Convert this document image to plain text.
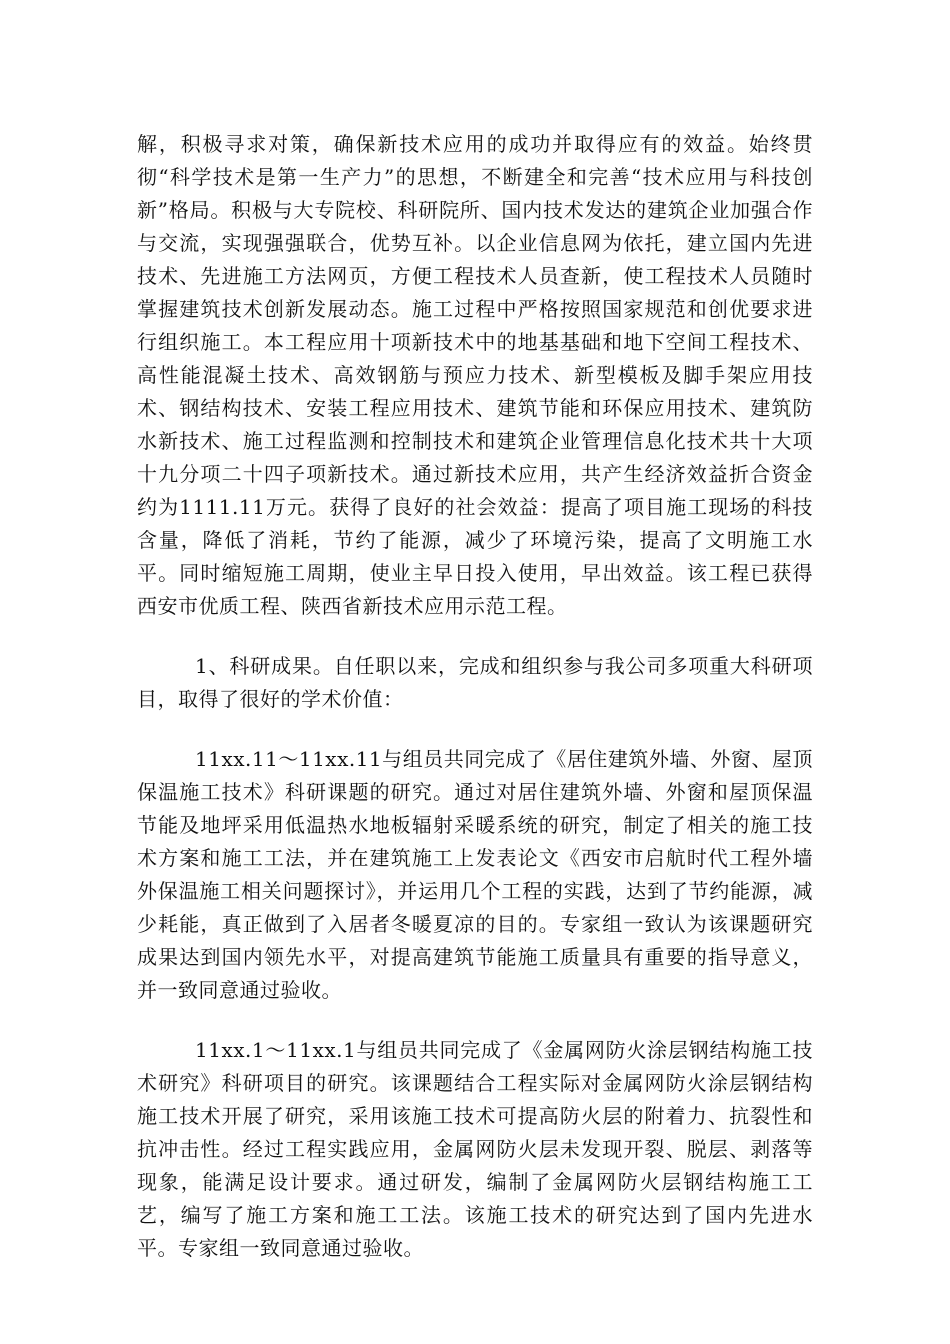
解，积极寻求对策，确保新技术应用的成功并取得应有的效益。始终贯彻“科学技术是第一生产力”的思想，不断建全和完善“技术应用与科技创新”格局。积极与大专院校、科研院所、国内技术发达的建筑企业加强合作与交流，实现强强联合，优势互补。以企业信息网为依托，建立国内先进技术、先进施工方法网页，方便工程技术人员查新，使工程技术人员随时掌握建筑技术创新发展动态。施工过程中严格按照国家规范和创优要求进行组织施工。本工程应用十项新技术中的地基基础和地下空间工程技术、高性能混凝土技术、高效钢筋与预应力技术、新型模板及脚手架应用技术、钢结构技术、安装工程应用技术、建筑节能和环保应用技术、建筑防水新技术、施工过程监测和控制技术和建筑企业管理信息化技术共十大项十九分项二十四子项新技术。通过新技术应用，共产生经济效益折合资金约为1111.11万元。获得了良好的社会效益：提高了项目施工现场的科技含量，降低了消耗，节约了能源，减少了环境污染，提高了文明施工水平。同时缩短施工周期，使业主早日投入使用，早出效益。该工程已获得西安市优质工程、陕西省新技术应用示范工程。

1、科研成果。自任职以来，完成和组织参与我公司多项重大科研项目，取得了很好的学术价值：

11xx.11～11xx.11与组员共同完成了《居住建筑外墙、外窗、屋顶保温施工技术》科研课题的研究。通过对居住建筑外墙、外窗和屋顶保温节能及地坪采用低温热水地板辐射采暖系统的研究，制定了相关的施工技术方案和施工工法，并在建筑施工上发表论文《西安市启航时代工程外墙外保温施工相关问题探讨》，并运用几个工程的实践，达到了节约能源，减少耗能，真正做到了入居者冬暖夏凉的目的。专家组一致认为该课题研究成果达到国内领先水平，对提高建筑节能施工质量具有重要的指导意义，并一致同意通过验收。

11xx.1～11xx.1与组员共同完成了《金属网防火涂层钢结构施工技术研究》科研项目的研究。该课题结合工程实际对金属网防火涂层钢结构施工技术开展了研究，采用该施工技术可提高防火层的附着力、抗裂性和抗冲击性。经过工程实践应用，金属网防火层未发现开裂、脱层、剥落等现象，能满足设计要求。通过研发，编制了金属网防火层钢结构施工工艺，编写了施工方案和施工工法。该施工技术的研究达到了国内先进水平。专家组一致同意通过验收。
